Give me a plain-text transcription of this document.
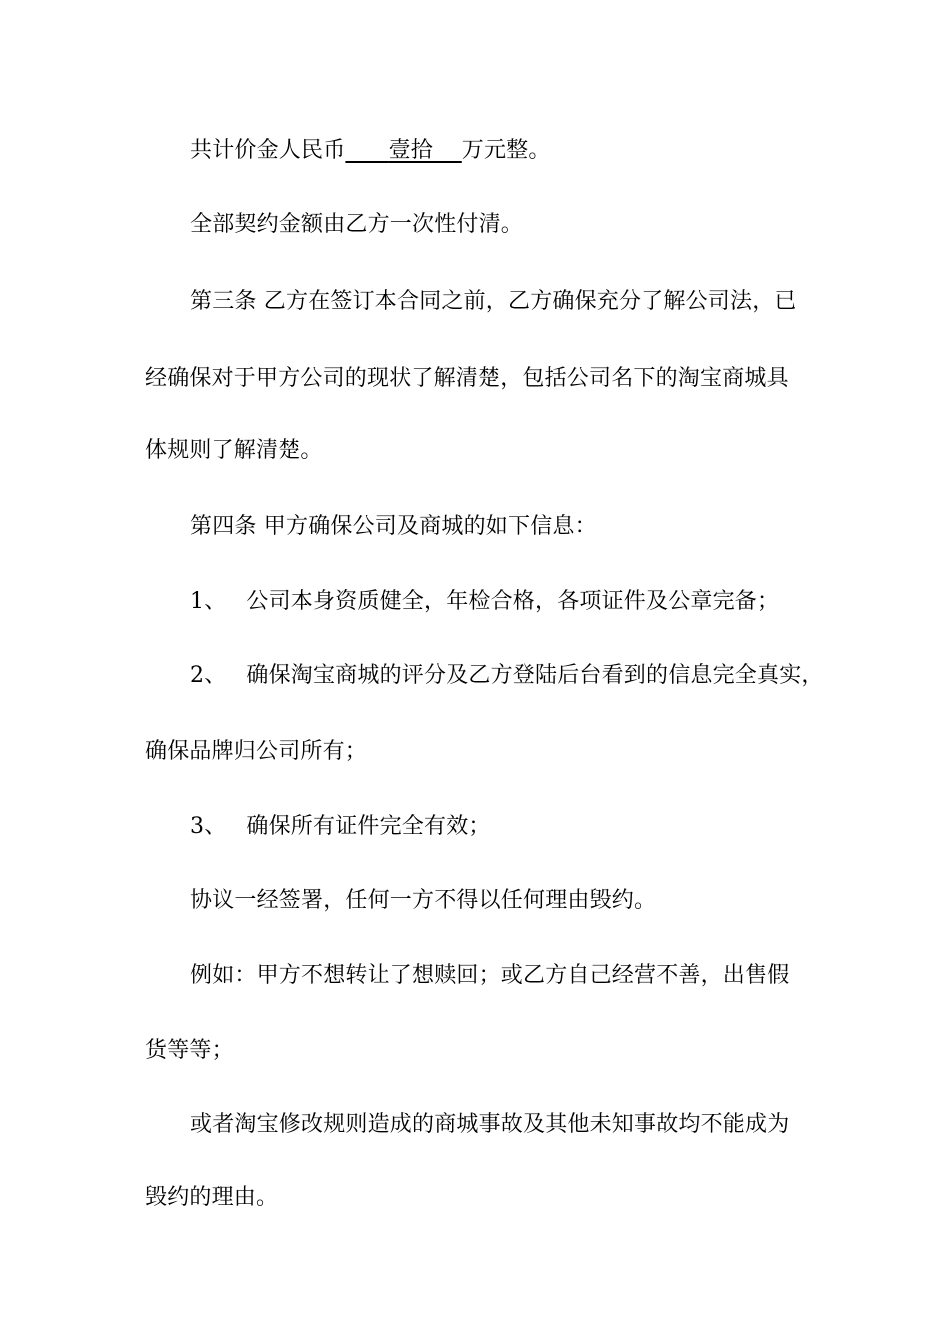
共计价金人民币 壹拾 万元整。
全部契约金额由乙方一次性付清。
第三条 乙方在签订本合同之前，乙方确保充分了解公司法，已
经确保对于甲方公司的现状了解清楚，包括公司名下的淘宝商城具
体规则了解清楚。
第四条 甲方确保公司及商城的如下信息：
1、 公司本身资质健全，年检合格，各项证件及公章完备；
2、 确保淘宝商城的评分及乙方登陆后台看到的信息完全真实，
确保品牌归公司所有；
3、 确保所有证件完全有效；
协议一经签署，任何一方不得以任何理由毁约。
例如：甲方不想转让了想赎回；或乙方自己经营不善，出售假
货等等；
或者淘宝修改规则造成的商城事故及其他未知事故均不能成为
毁约的理由。
